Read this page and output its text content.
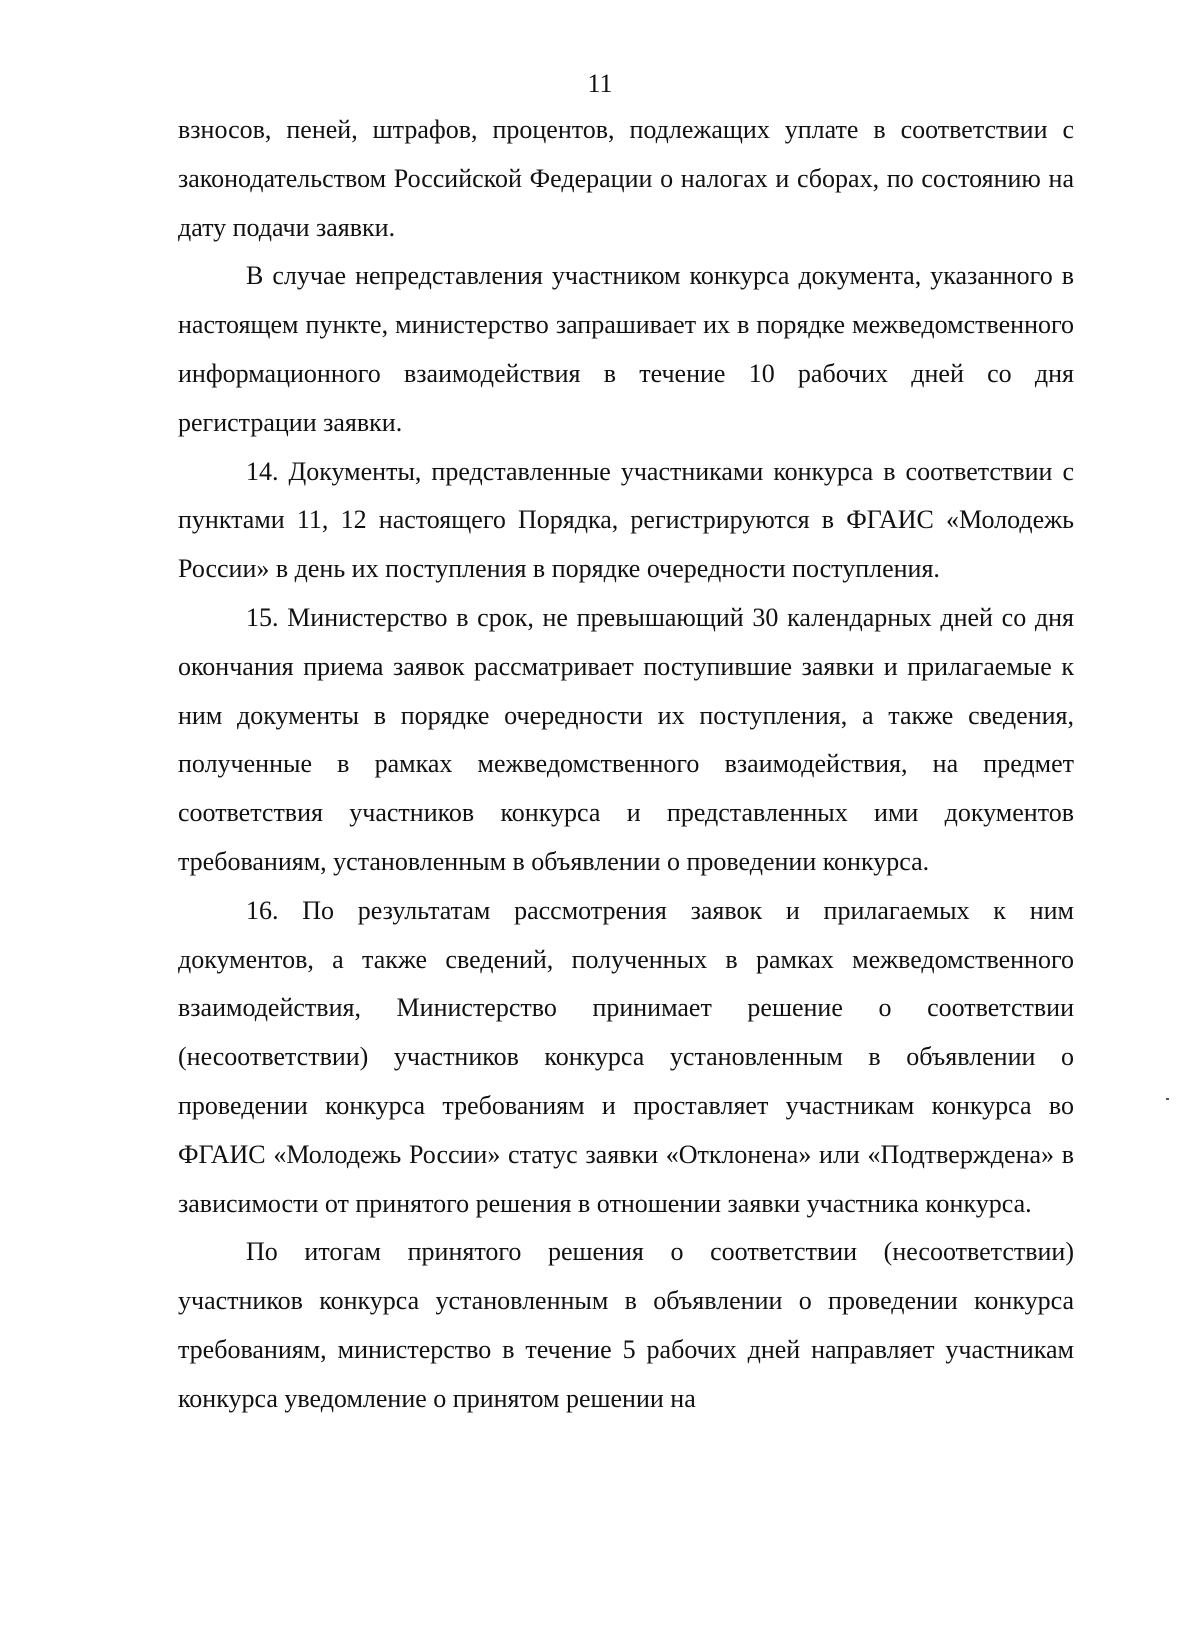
11

взносов, пеней, штрафов, процентов, подлежащих уплате в соответствии с законодательством Российской Федерации о налогах и сборах, по состоянию на дату подачи заявки.

В случае непредставления участником конкурса документа, указанного в настоящем пункте, министерство запрашивает их в порядке межведомственного информационного взаимодействия в течение 10 рабочих дней со дня регистрации заявки.

14. Документы, представленные участниками конкурса в соответствии с пунктами 11, 12 настоящего Порядка, регистрируются в ФГАИС «Молодежь России» в день их поступления в порядке очередности поступления.

15. Министерство в срок, не превышающий 30 календарных дней со дня окончания приема заявок рассматривает поступившие заявки и прилагаемые к ним документы в порядке очередности их поступления, а также сведения, полученные в рамках межведомственного взаимодействия, на предмет соответствия участников конкурса и представленных ими документов требованиям, установленным в объявлении о проведении конкурса.

16. По результатам рассмотрения заявок и прилагаемых к ним документов, а также сведений, полученных в рамках межведомственного взаимодействия, Министерство принимает решение о соответствии (несоответствии) участников конкурса установленным в объявлении о проведении конкурса требованиям и проставляет участникам конкурса во ФГАИС «Молодежь России» статус заявки «Отклонена» или «Подтверждена» в зависимости от принятого решения в отношении заявки участника конкурса.

По итогам принятого решения о соответствии (несоответствии) участников конкурса установленным в объявлении о проведении конкурса требованиям, министерство в течение 5 рабочих дней направляет участникам конкурса уведомление о принятом решении на
